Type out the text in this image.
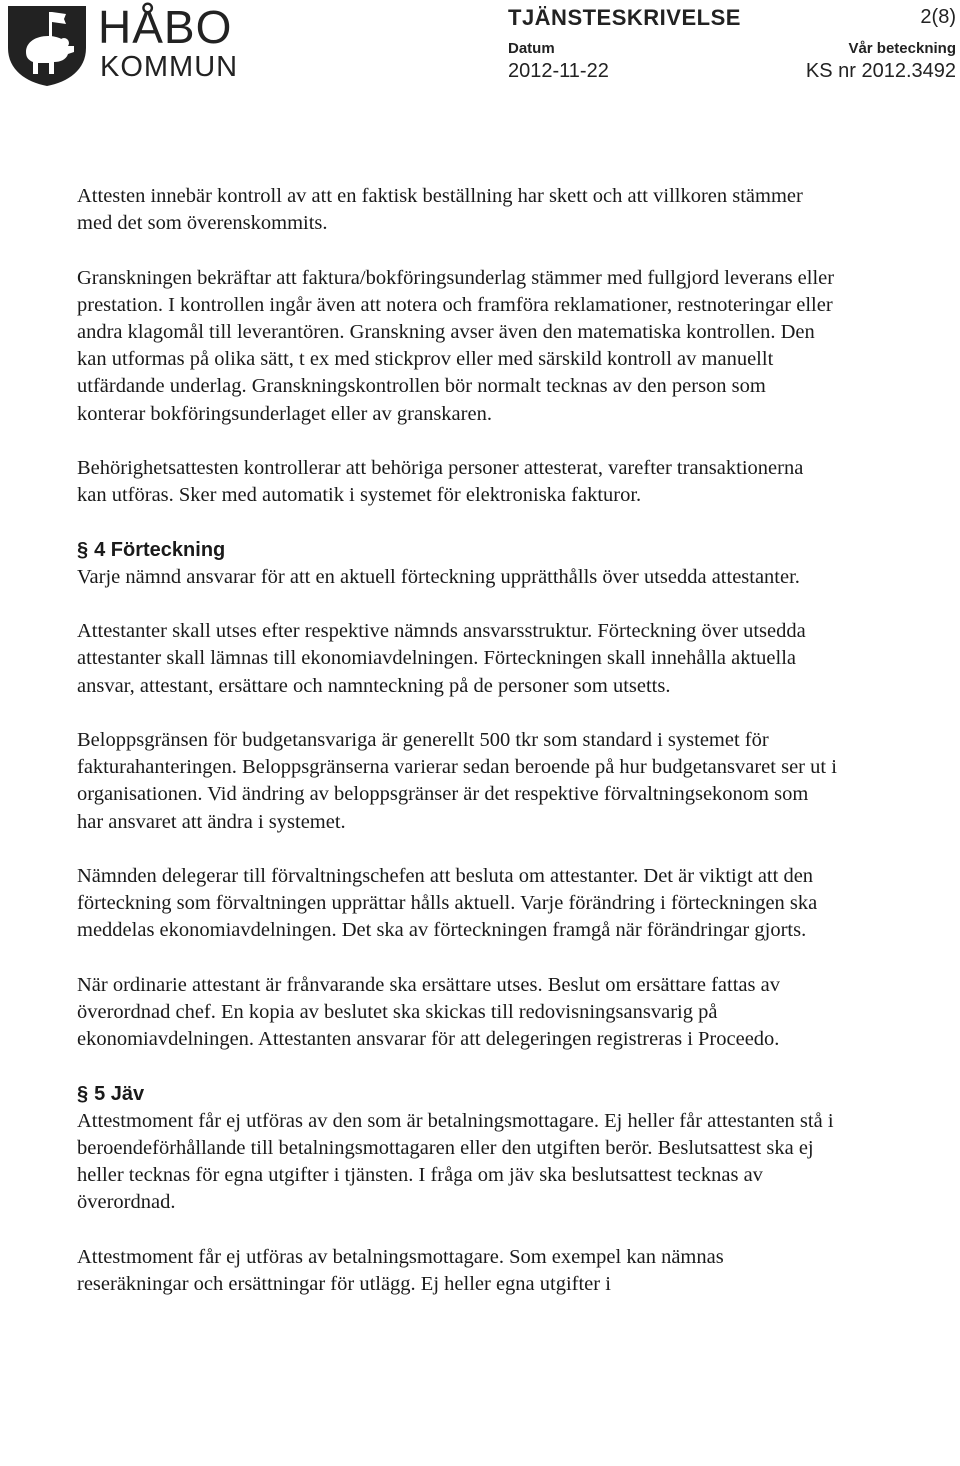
HÅBO
KOMMUN
TJÄNSTESKRIVELSE	2(8)
Datum	Vår beteckning
2012-11-22	KS nr 2012.3492

Attesten innebär kontroll av att en faktisk beställning har skett och att villkoren stämmer med det som överenskommits.

Granskningen bekräftar att faktura/bokföringsunderlag stämmer med fullgjord leverans eller prestation. I kontrollen ingår även att notera och framföra reklamationer, restnoteringar eller andra klagomål till leverantören. Granskning avser även den matematiska kontrollen. Den kan utformas på olika sätt, t ex med stickprov eller med särskild kontroll av manuellt utfärdande underlag. Granskningskontrollen bör normalt tecknas av den person som konterar bokföringsunderlaget eller av granskaren.

Behörighetsattesten kontrollerar att behöriga personer attesterat, varefter transaktionerna kan utföras. Sker med automatik i systemet för elektroniska fakturor.

§ 4 Förteckning

Varje nämnd ansvarar för att en aktuell förteckning upprätthålls över utsedda attestanter.

Attestanter skall utses efter respektive nämnds ansvarsstruktur. Förteckning över utsedda attestanter skall lämnas till ekonomiavdelningen. Förteckningen skall innehålla aktuella ansvar, attestant, ersättare och namnteckning på de personer som utsetts.

Beloppsgränsen för budgetansvariga är generellt 500 tkr som standard i systemet för fakturahanteringen. Beloppsgränserna varierar sedan beroende på hur budgetansvaret ser ut i organisationen. Vid ändring av beloppsgränser är det respektive förvaltningsekonom som har ansvaret att ändra i systemet.

Nämnden delegerar till förvaltningschefen att besluta om attestanter. Det är viktigt att den förteckning som förvaltningen upprättar hålls aktuell. Varje förändring i förteckningen ska meddelas ekonomiavdelningen. Det ska av förteckningen framgå när förändringar gjorts.

När ordinarie attestant är frånvarande ska ersättare utses. Beslut om ersättare fattas av överordnad chef. En kopia av beslutet ska skickas till redovisningsansvarig på ekonomiavdelningen. Attestanten ansvarar för att delegeringen registreras i Proceedo.

§ 5 Jäv

Attestmoment får ej utföras av den som är betalningsmottagare. Ej heller får attestanten stå i beroendeförhållande till betalningsmottagaren eller den utgiften berör. Beslutsattest ska ej heller tecknas för egna utgifter i tjänsten. I fråga om jäv ska beslutsattest tecknas av överordnad.

Attestmoment får ej utföras av betalningsmottagare. Som exempel kan nämnas reseräkningar och ersättningar för utlägg. Ej heller egna utgifter i
